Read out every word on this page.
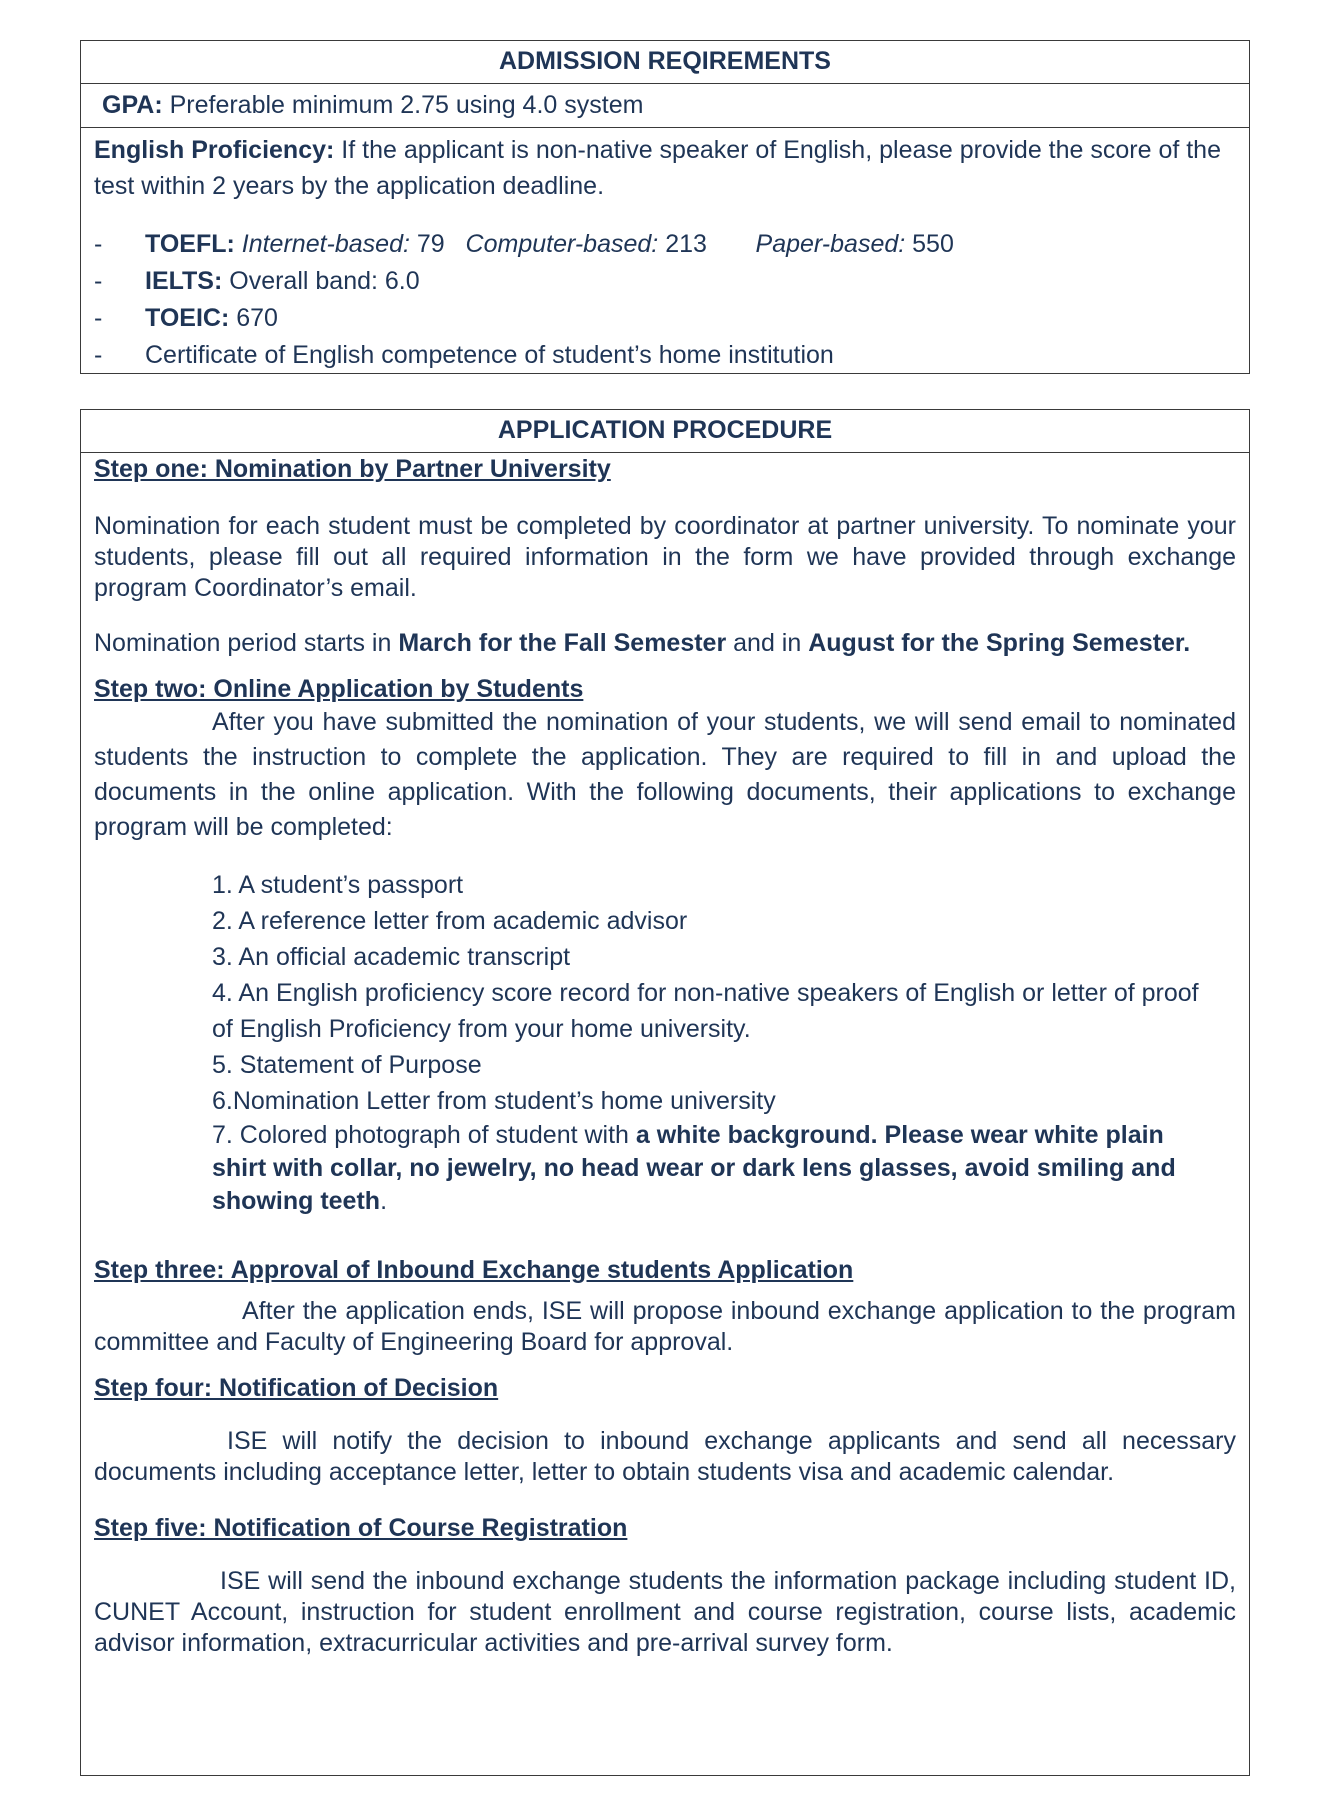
ADMISSION REQIREMENTS
GPA: Preferable minimum 2.75 using 4.0 system

English Proficiency: If the applicant is non-native speaker of English, please provide the score of the test within 2 years by the application deadline.

- TOEFL: Internet-based: 79 Computer-based: 213 Paper-based: 550
- IELTS: Overall band: 6.0
- TOEIC: 670
- Certificate of English competence of student’s home institution
APPLICATION PROCEDURE
Step one: Nomination by Partner University

Nomination for each student must be completed by coordinator at partner university. To nominate your students, please fill out all required information in the form we have provided through exchange program Coordinator’s email.

Nomination period starts in March for the Fall Semester and in August for the Spring Semester.

Step two: Online Application by Students

After you have submitted the nomination of your students, we will send email to nominated students the instruction to complete the application. They are required to fill in and upload the documents in the online application. With the following documents, their applications to exchange program will be completed:

1. A student’s passport
2. A reference letter from academic advisor
3. An official academic transcript
4. An English proficiency score record for non-native speakers of English or letter of proof of English Proficiency from your home university.
5. Statement of Purpose
6.Nomination Letter from student’s home university
7. Colored photograph of student with a white background. Please wear white plain shirt with collar, no jewelry, no head wear or dark lens glasses, avoid smiling and showing teeth.
Step three: Approval of Inbound Exchange students Application

After the application ends, ISE will propose inbound exchange application to the program committee and Faculty of Engineering Board for approval.

Step four: Notification of Decision

ISE will notify the decision to inbound exchange applicants and send all necessary documents including acceptance letter, letter to obtain students visa and academic calendar.

Step five: Notification of Course Registration

ISE will send the inbound exchange students the information package including student ID, CUNET Account, instruction for student enrollment and course registration, course lists, academic advisor information, extracurricular activities and pre-arrival survey form.
